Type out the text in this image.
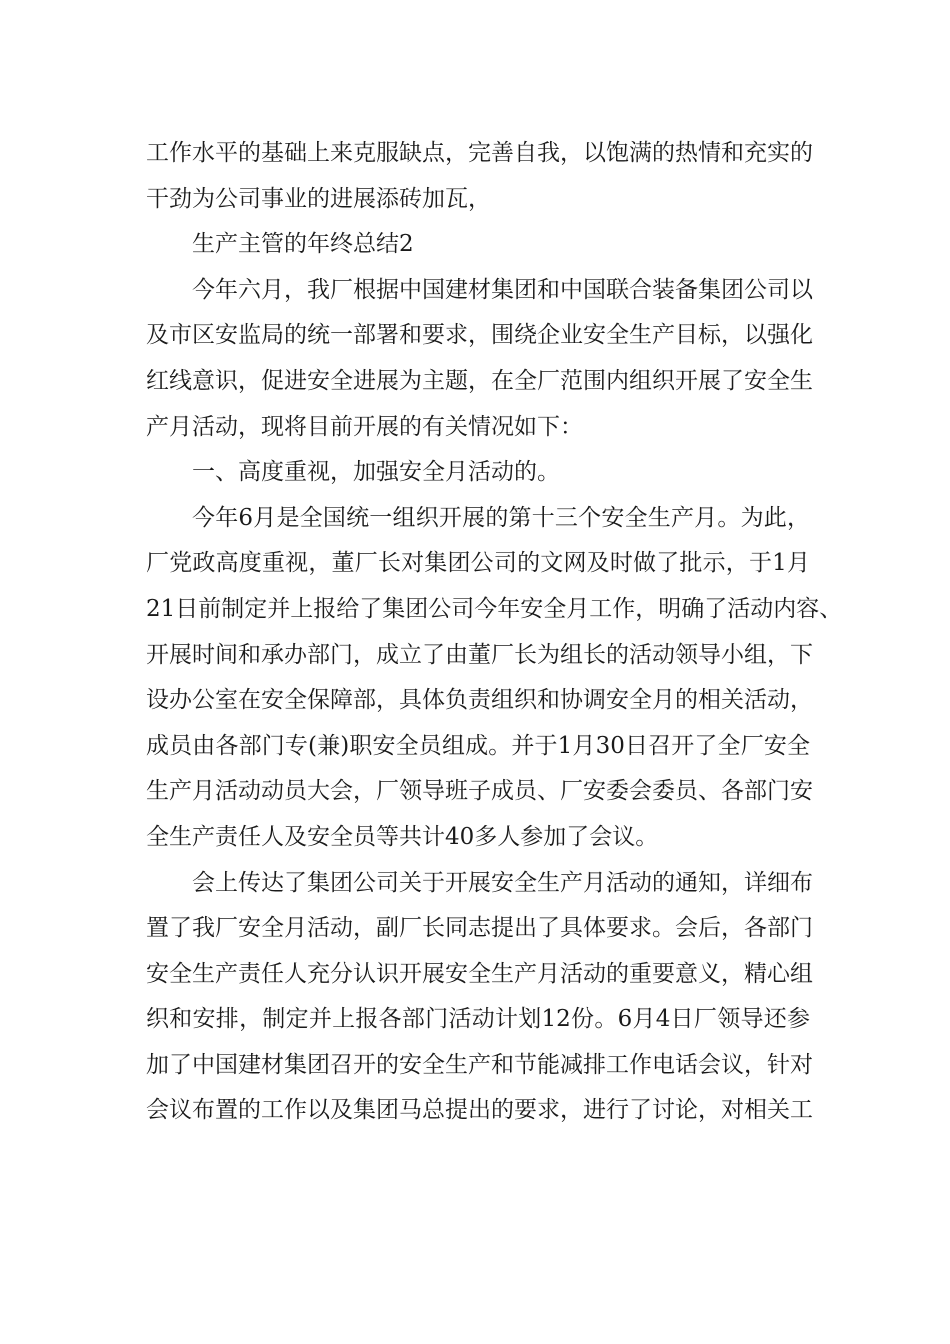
工作水平的基础上来克服缺点，完善自我，以饱满的热情和充实的
干劲为公司事业的进展添砖加瓦，
生产主管的年终总结2
今年六月，我厂根据中国建材集团和中国联合装备集团公司以
及市区安监局的统一部署和要求，围绕企业安全生产目标，以强化
红线意识，促进安全进展为主题，在全厂范围内组织开展了安全生
产月活动，现将目前开展的有关情况如下：
一、高度重视，加强安全月活动的。
今年6月是全国统一组织开展的第十三个安全生产月。为此，
厂党政高度重视，董厂长对集团公司的文网及时做了批示，于1月
21日前制定并上报给了集团公司今年安全月工作，明确了活动内容、
开展时间和承办部门，成立了由董厂长为组长的活动领导小组，下
设办公室在安全保障部，具体负责组织和协调安全月的相关活动，
成员由各部门专(兼)职安全员组成。并于1月30日召开了全厂安全
生产月活动动员大会，厂领导班子成员、厂安委会委员、各部门安
全生产责任人及安全员等共计40多人参加了会议。
会上传达了集团公司关于开展安全生产月活动的通知，详细布
置了我厂安全月活动，副厂长同志提出了具体要求。会后，各部门
安全生产责任人充分认识开展安全生产月活动的重要意义，精心组
织和安排，制定并上报各部门活动计划12份。6月4日厂领导还参
加了中国建材集团召开的安全生产和节能减排工作电话会议，针对
会议布置的工作以及集团马总提出的要求，进行了讨论，对相关工
